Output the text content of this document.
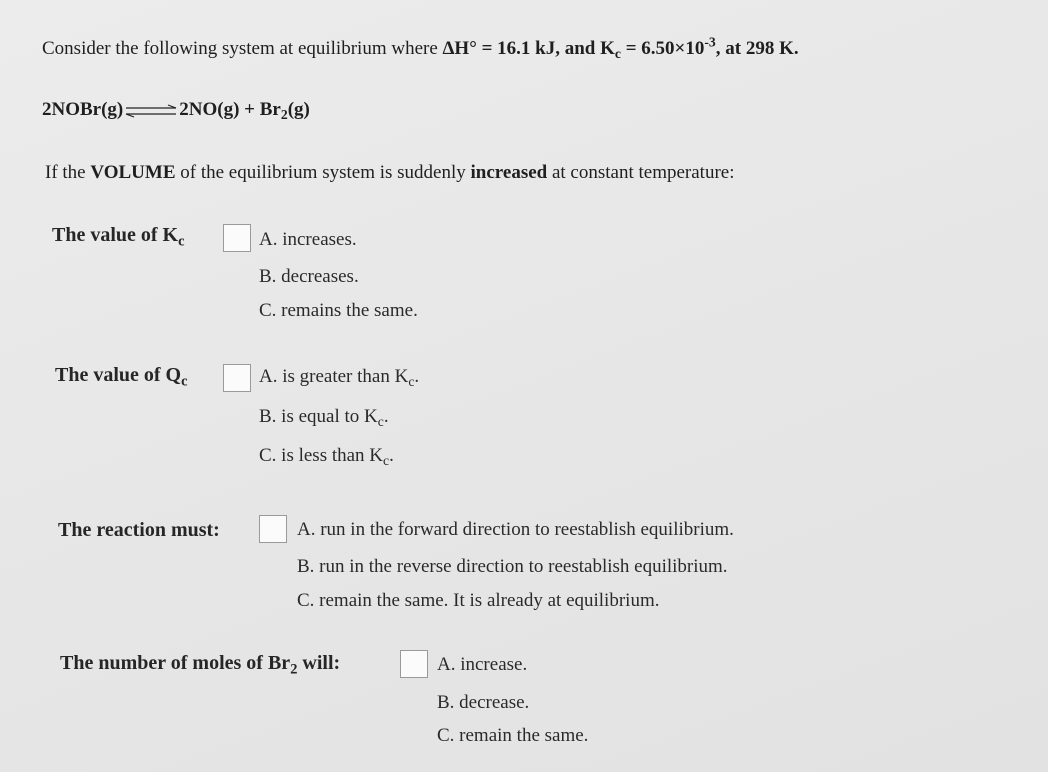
Consider the following system at equilibrium where ΔH° = 16.1 kJ, and $K_c = 6.50\times 10^{-3}$, at 298 K.
2NOBr(g)⇌2NO(g) + $Br_2(g)$
If the VOLUME of the equilibrium system is suddenly increased at constant temperature:
The value of $K_c$	A. increases.
B. decreases.
C. remains the same.
The value of $Q_c$	A. is greater than $K_c$.
B. is equal to $K_c$.
C. is less than $K_c$.
The reaction must:	A. run in the forward direction to reestablish equilibrium.
B. run in the reverse direction to reestablish equilibrium.
C. remain the same. It is already at equilibrium.
The number of moles of $Br_2$ will:	A. increase.
B. decrease.
C. remain the same.
